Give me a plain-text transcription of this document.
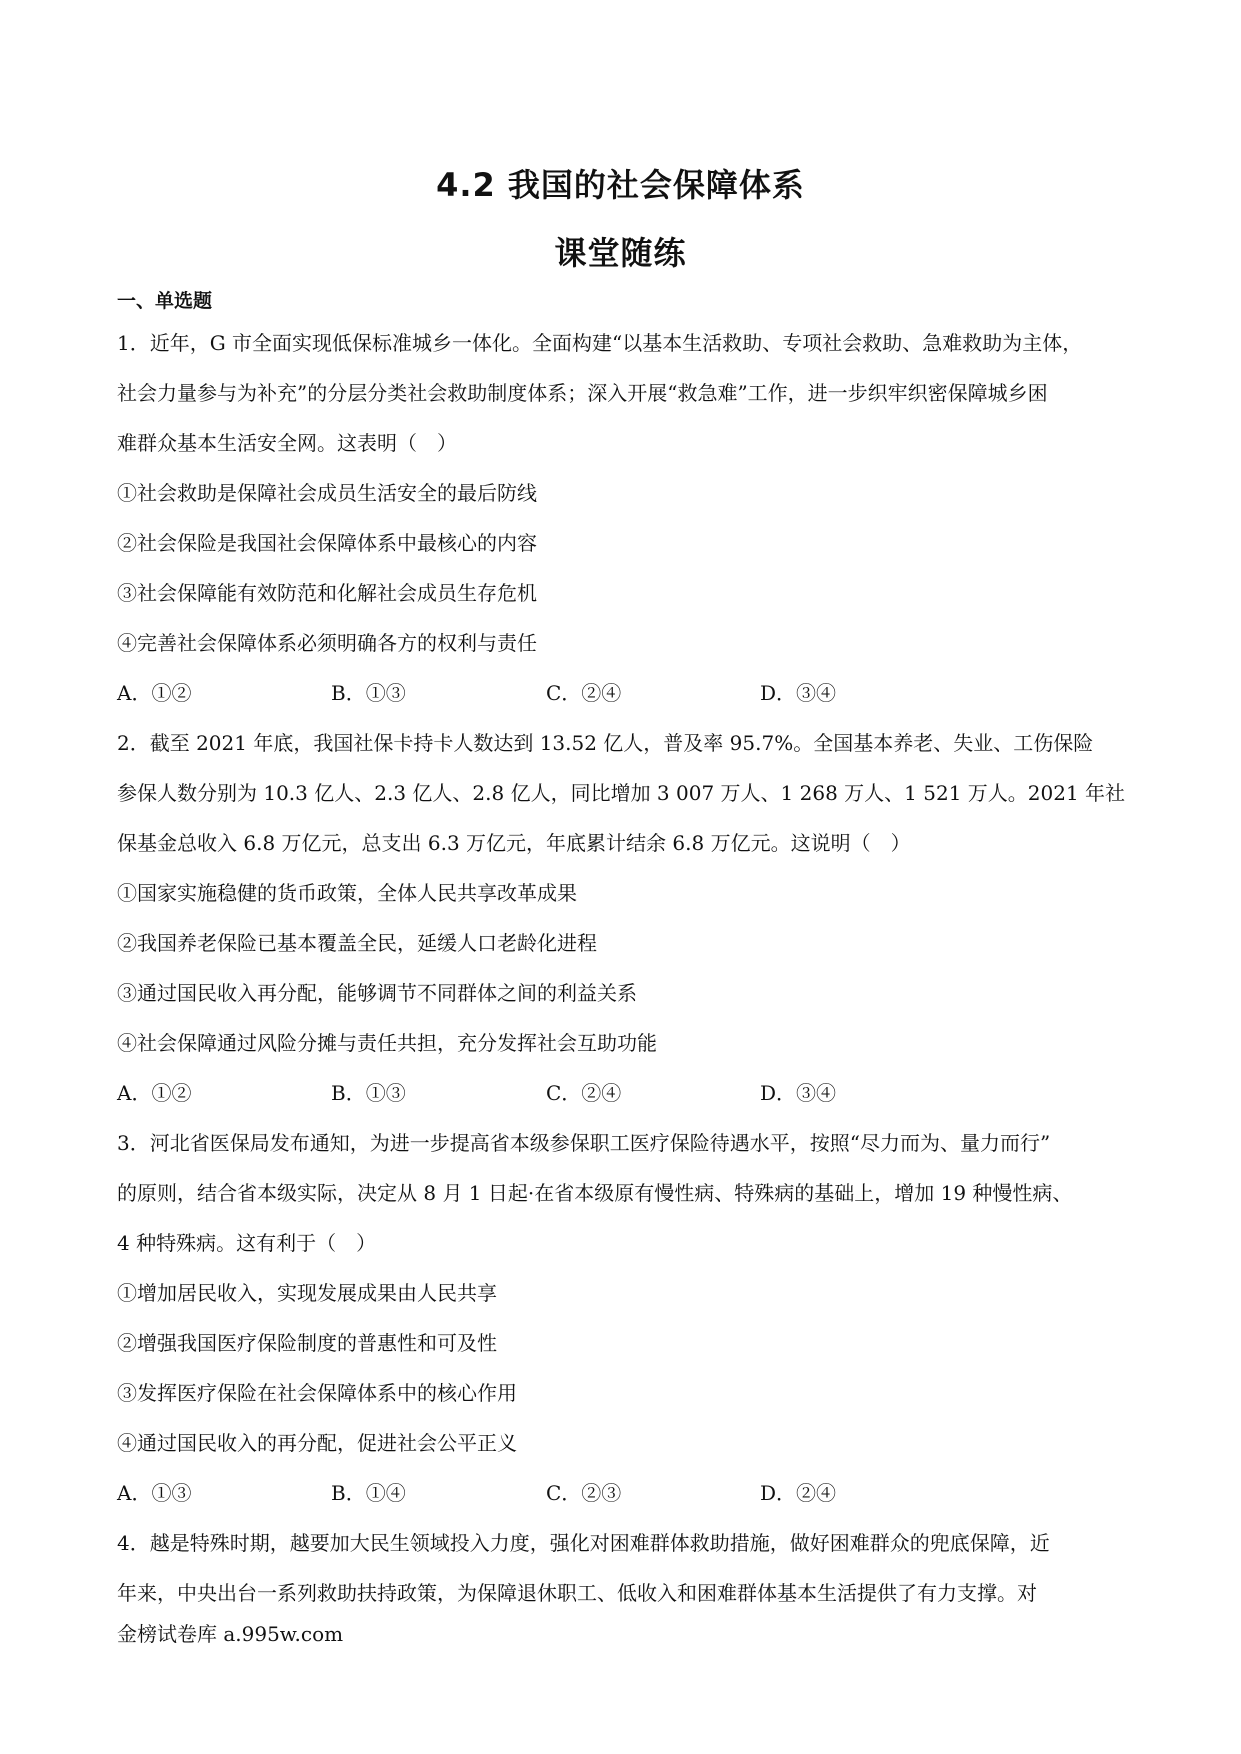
4.2 我国的社会保障体系
课堂随练
一、单选题
1．近年，G 市全面实现低保标准城乡一体化。全面构建“以基本生活救助、专项社会救助、急难救助为主体，
社会力量参与为补充”的分层分类社会救助制度体系；深入开展“救急难”工作，进一步织牢织密保障城乡困
难群众基本生活安全网。这表明（　）
①社会救助是保障社会成员生活安全的最后防线
②社会保险是我国社会保障体系中最核心的内容
③社会保障能有效防范和化解社会成员生存危机
④完善社会保障体系必须明确各方的权利与责任
A．①②	B．①③	C．②④	D．③④
2．截至 2021 年底，我国社保卡持卡人数达到 13.52 亿人，普及率 95.7%。全国基本养老、失业、工伤保险
参保人数分别为 10.3 亿人、2.3 亿人、2.8 亿人，同比增加 3 007 万人、1 268 万人、1 521 万人。2021 年社
保基金总收入 6.8 万亿元，总支出 6.3 万亿元，年底累计结余 6.8 万亿元。这说明（　）
①国家实施稳健的货币政策，全体人民共享改革成果
②我国养老保险已基本覆盖全民，延缓人口老龄化进程
③通过国民收入再分配，能够调节不同群体之间的利益关系
④社会保障通过风险分摊与责任共担，充分发挥社会互助功能
A．①②	B．①③	C．②④	D．③④
3．河北省医保局发布通知，为进一步提高省本级参保职工医疗保险待遇水平，按照“尽力而为、量力而行”
的原则，结合省本级实际，决定从 8 月 1 日起·在省本级原有慢性病、特殊病的基础上，增加 19 种慢性病、
4 种特殊病。这有利于（　）
①增加居民收入，实现发展成果由人民共享
②增强我国医疗保险制度的普惠性和可及性
③发挥医疗保险在社会保障体系中的核心作用
④通过国民收入的再分配，促进社会公平正义
A．①③	B．①④	C．②③	D．②④
4．越是特殊时期，越要加大民生领域投入力度，强化对困难群体救助措施，做好困难群众的兜底保障，近
年来，中央出台一系列救助扶持政策，为保障退休职工、低收入和困难群体基本生活提供了有力支撑。对
金榜试卷库 a.995w.com
